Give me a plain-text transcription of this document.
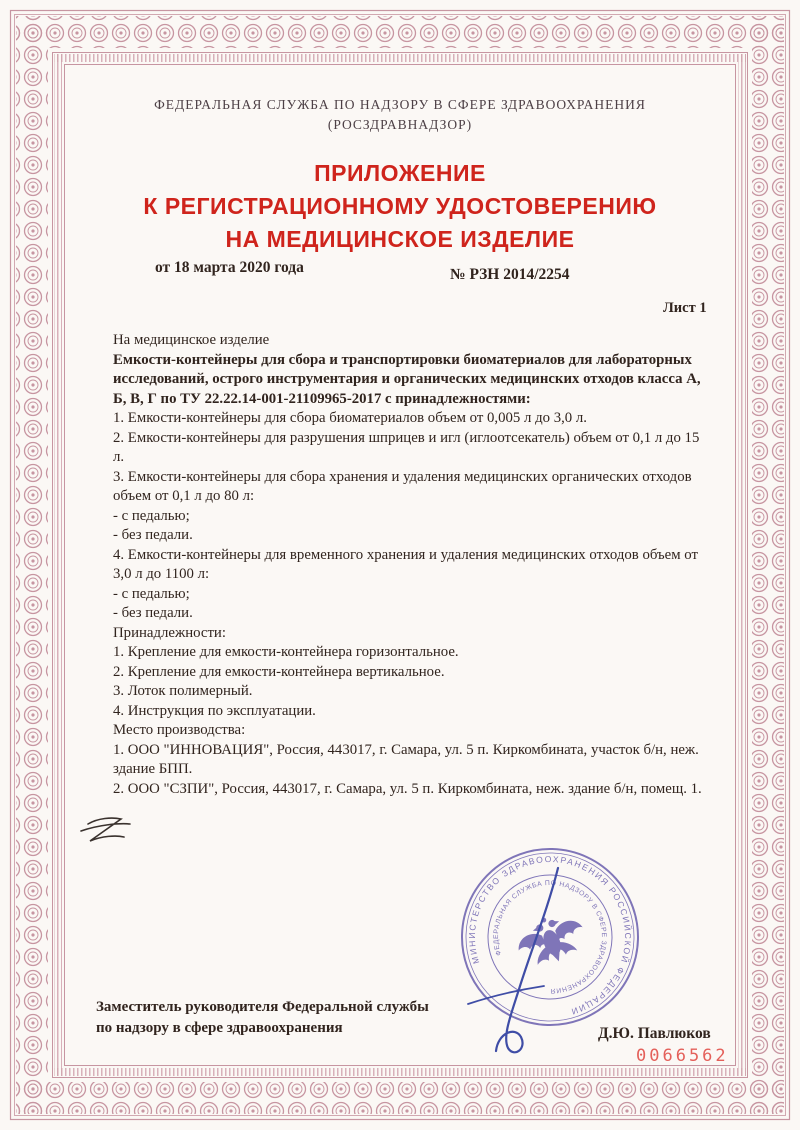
ФЕДЕРАЛЬНАЯ СЛУЖБА ПО НАДЗОРУ В СФЕРЕ ЗДРАВООХРАНЕНИЯ
(РОСЗДРАВНАДЗОР)
ПРИЛОЖЕНИЕ
К РЕГИСТРАЦИОННОМУ УДОСТОВЕРЕНИЮ
НА МЕДИЦИНСКОЕ ИЗДЕЛИЕ
от 18 марта 2020 года	№ РЗН 2014/2254
Лист 1

На медицинское изделие

Емкости-контейнеры для сбора и транспортировки биоматериалов для лабораторных исследований, острого инструментария и органических медицинских отходов класса А, Б, В, Г по ТУ 22.22.14-001-21109965-2017 с принадлежностями:

1. Емкости-контейнеры для сбора биоматериалов объем от 0,005 л до 3,0 л.

2. Емкости-контейнеры для разрушения шприцев и игл (иглоотсекатель) объем от 0,1 л до 15 л.

3. Емкости-контейнеры для сбора хранения и удаления медицинских органических отходов объем от 0,1 л до 80 л:

- с педалью;

- без педали.

4. Емкости-контейнеры для временного хранения и удаления медицинских отходов объем от 3,0 л до 1100 л:

- с педалью;

- без педали.

Принадлежности:

1. Крепление для емкости-контейнера горизонтальное.

2. Крепление для емкости-контейнера вертикальное.

3. Лоток полимерный.

4. Инструкция по эксплуатации.

Место производства:

1. ООО "ИННОВАЦИЯ", Россия, 443017, г. Самара, ул. 5 п. Киркомбината, участок б/н, неж. здание БПП.

2. ООО "СЗПИ", Россия, 443017, г. Самара, ул. 5 п. Киркомбината, неж. здание б/н, помещ. 1.

Заместитель руководителя Федеральной службы
по надзору в сфере здравоохранения	Д.Ю. Павлюков
0066562
МИНИСТЕРСТВО ЗДРАВООХРАНЕНИЯ РОССИЙСКОЙ ФЕДЕРАЦИИ
ФЕДЕРАЛЬНАЯ СЛУЖБА ПО НАДЗОРУ В СФЕРЕ ЗДРАВООХРАНЕНИЯ
